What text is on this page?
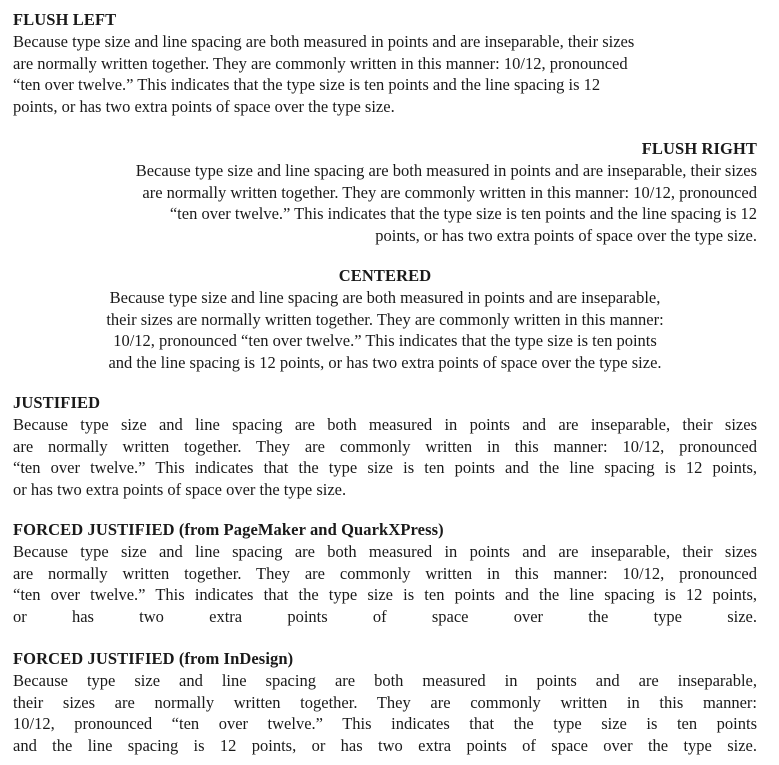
FLUSH LEFT
Because type size and line spacing are both measured in points and are inseparable, their sizes
are normally written together. They are commonly written in this manner: 10/12, pronounced
“ten over twelve.” This indicates that the type size is ten points and the line spacing is 12
points, or has two extra points of space over the type size.
FLUSH RIGHT
Because type size and line spacing are both measured in points and are inseparable, their sizes
are normally written together. They are commonly written in this manner: 10/12, pronounced
“ten over twelve.” This indicates that the type size is ten points and the line spacing is 12
points, or has two extra points of space over the type size.
CENTERED
Because type size and line spacing are both measured in points and are inseparable,
their sizes are normally written together. They are commonly written in this manner:
10/12, pronounced “ten over twelve.” This indicates that the type size is ten points
and the line spacing is 12 points, or has two extra points of space over the type size.
JUSTIFIED
Because type size and line spacing are both measured in points and are inseparable, their sizes
are normally written together. They are commonly written in this manner: 10/12, pronounced
“ten over twelve.” This indicates that the type size is ten points and the line spacing is 12 points,
or has two extra points of space over the type size.
FORCED JUSTIFIED (from PageMaker and QuarkXPress)
Because type size and line spacing are both measured in points and are inseparable, their sizes
are normally written together. They are commonly written in this manner: 10/12, pronounced
“ten over twelve.” This indicates that the type size is ten points and the line spacing is 12 points,
or has two extra points of space over the type size.
FORCED JUSTIFIED (from InDesign)
Because type size and line spacing are both measured in points and are inseparable,
their sizes are normally written together. They are commonly written in this manner:
10/12, pronounced “ten over twelve.” This indicates that the type size is ten points
and the line spacing is 12 points, or has two extra points of space over the type size.
